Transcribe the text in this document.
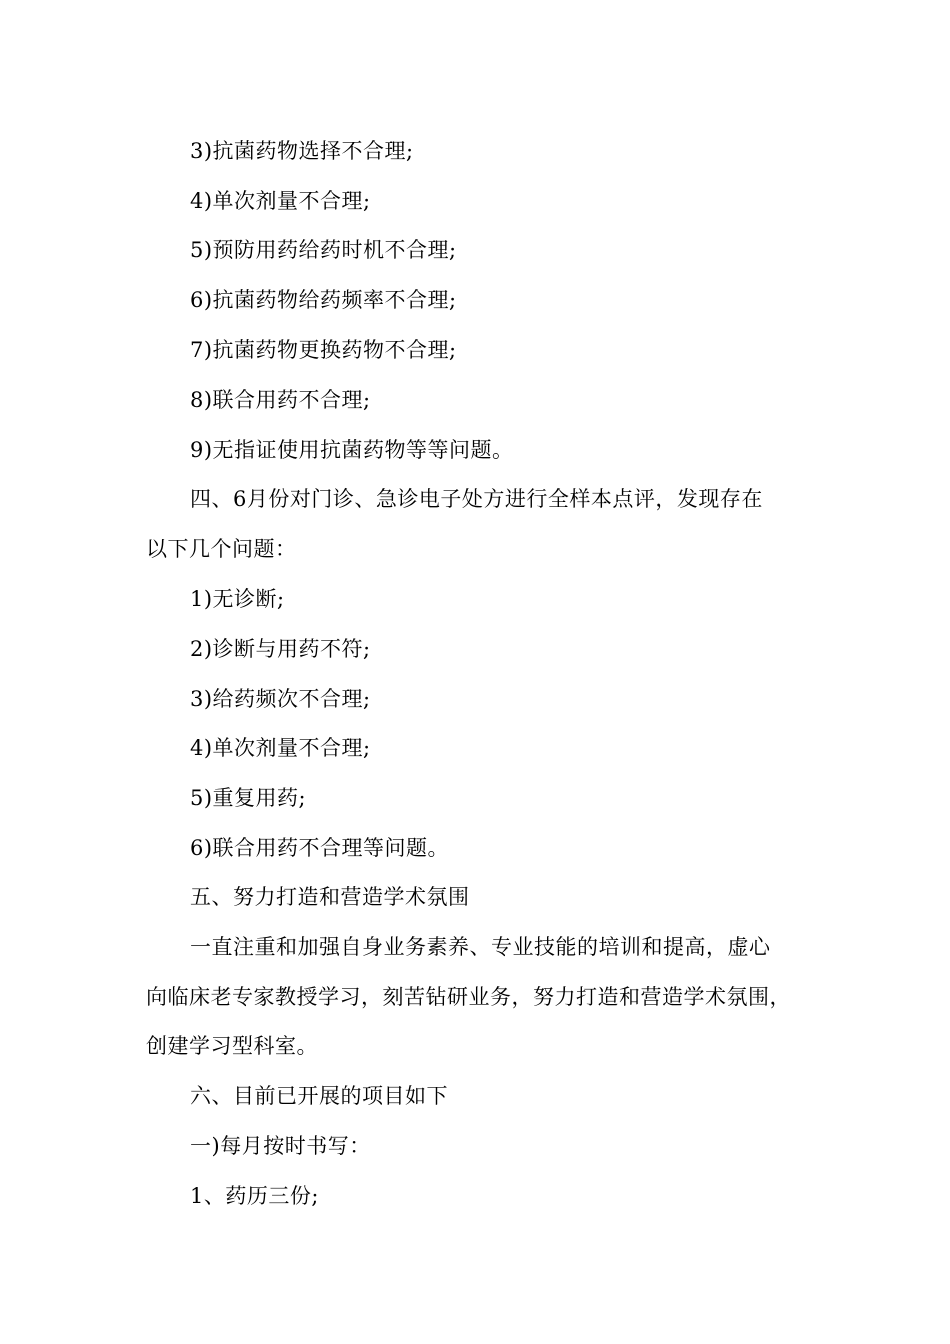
3)抗菌药物选择不合理;
4)单次剂量不合理;
5)预防用药给药时机不合理;
6)抗菌药物给药频率不合理;
7)抗菌药物更换药物不合理;
8)联合用药不合理;
9)无指证使用抗菌药物等等问题。
四、6月份对门诊、急诊电子处方进行全样本点评，发现存在
以下几个问题：
1)无诊断;
2)诊断与用药不符;
3)给药频次不合理;
4)单次剂量不合理;
5)重复用药;
6)联合用药不合理等问题。
五、努力打造和营造学术氛围
一直注重和加强自身业务素养、专业技能的培训和提高，虚心
向临床老专家教授学习，刻苦钻研业务，努力打造和营造学术氛围，
创建学习型科室。
六、目前已开展的项目如下
一)每月按时书写：
1、药历三份;
